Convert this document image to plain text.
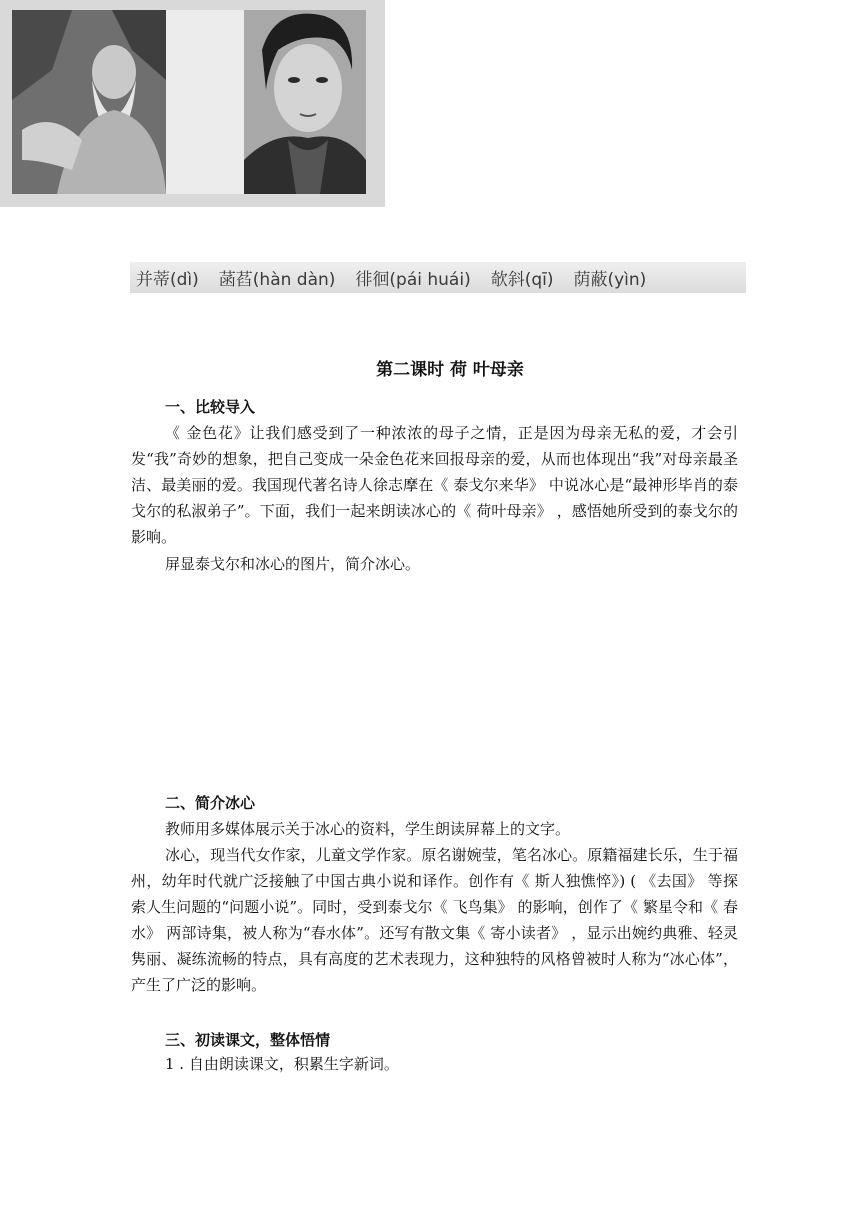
并蒂(dì) 菡萏(hàn dàn) 徘徊(pái huái) 欹斜(qī) 荫蔽(yìn)
第二课时 荷 叶母亲
一、比较导入

《 金色花》让我们感受到了一种浓浓的母子之情，正是因为母亲无私的爱，才会引发“我”奇妙的想象，把自己变成一朵金色花来回报母亲的爱，从而也体现出“我”对母亲最圣洁、最美丽的爱。我国现代著名诗人徐志摩在《 泰戈尔来华》 中说冰心是“最神形毕肖的泰戈尔的私淑弟子”。下面，我们一起来朗读冰心的《 荷叶母亲》 ，感悟她所受到的泰戈尔的影响。

屏显泰戈尔和冰心的图片，简介冰心。
二、简介冰心
教师用多媒体展示关于冰心的资料，学生朗读屏幕上的文字。

冰心，现当代女作家，儿童文学作家。原名谢婉莹，笔名冰心。原籍福建长乐，生于福州，幼年时代就广泛接触了中国古典小说和译作。创作有《 斯人独憔悴》) ( 《去国》 等探索人生问题的“问题小说”。同时，受到泰戈尔《 飞鸟集》 的影响，创作了《 繁星令和《 春水》 两部诗集，被人称为“春水体”。还写有散文集《 寄小读者》 ，显示出婉约典雅、轻灵隽丽、凝练流畅的特点，具有高度的艺术表现力，这种独特的风格曾被时人称为“冰心体”，产生了广泛的影响。

三、初读课文，整体悟情
1 . 自由朗读课文，积累生字新词。
